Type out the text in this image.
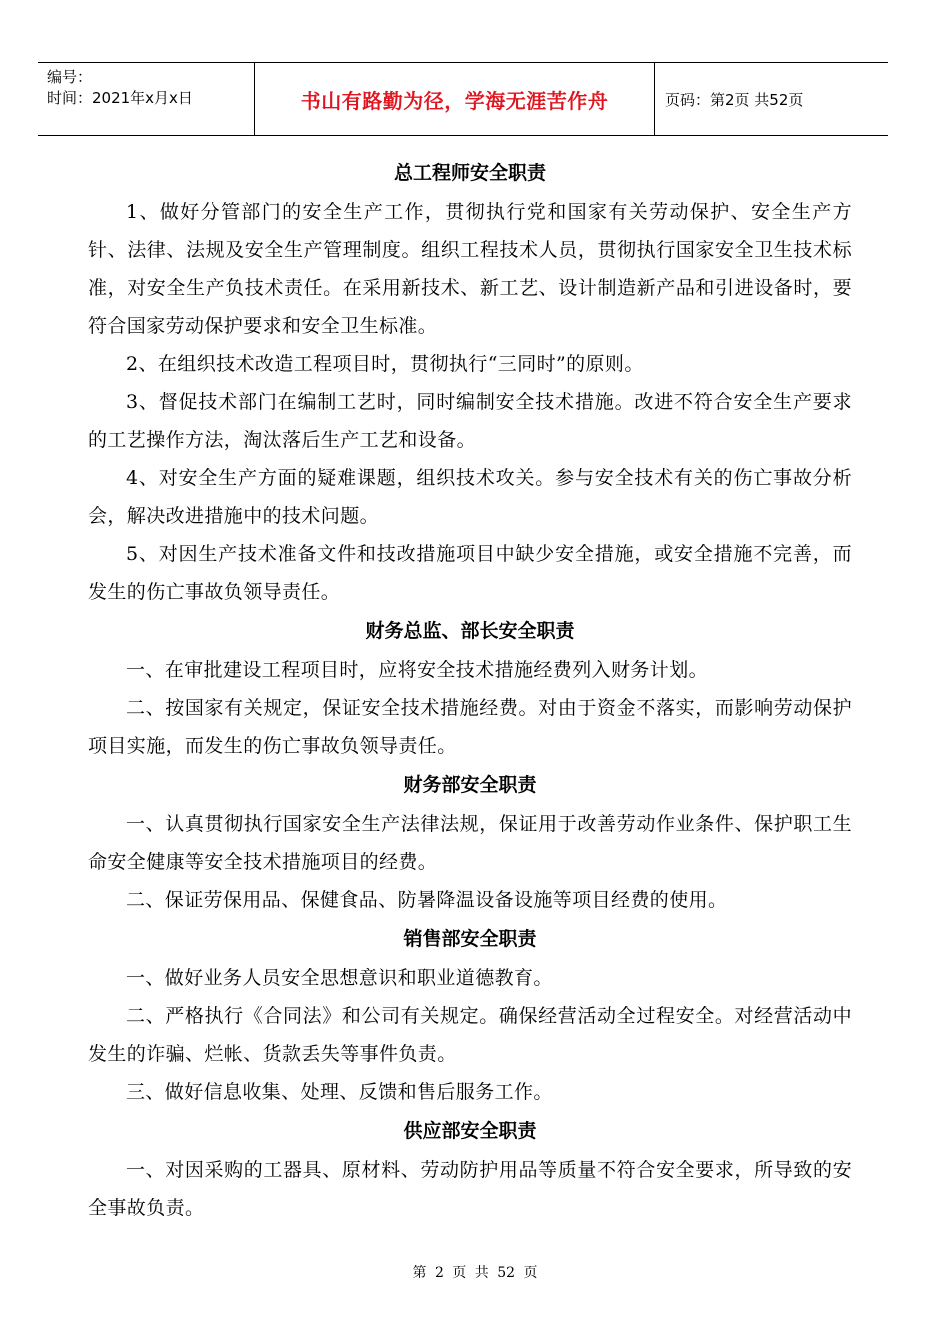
编号：
时间：2021年x月x日	书山有路勤为径，学海无涯苦作舟	页码：第2页 共52页
总工程师安全职责

1、做好分管部门的安全生产工作，贯彻执行党和国家有关劳动保护、安全生产方针、法律、法规及安全生产管理制度。组织工程技术人员，贯彻执行国家安全卫生技术标准，对安全生产负技术责任。在采用新技术、新工艺、设计制造新产品和引进设备时，要符合国家劳动保护要求和安全卫生标准。

2、在组织技术改造工程项目时，贯彻执行“三同时”的原则。

3、督促技术部门在编制工艺时，同时编制安全技术措施。改进不符合安全生产要求的工艺操作方法，淘汰落后生产工艺和设备。

4、对安全生产方面的疑难课题，组织技术攻关。参与安全技术有关的伤亡事故分析会，解决改进措施中的技术问题。

5、对因生产技术准备文件和技改措施项目中缺少安全措施，或安全措施不完善，而发生的伤亡事故负领导责任。

财务总监、部长安全职责

一、在审批建设工程项目时，应将安全技术措施经费列入财务计划。

二、按国家有关规定，保证安全技术措施经费。对由于资金不落实，而影响劳动保护项目实施，而发生的伤亡事故负领导责任。

财务部安全职责

一、认真贯彻执行国家安全生产法律法规，保证用于改善劳动作业条件、保护职工生命安全健康等安全技术措施项目的经费。

二、保证劳保用品、保健食品、防暑降温设备设施等项目经费的使用。

销售部安全职责

一、做好业务人员安全思想意识和职业道德教育。

二、严格执行《合同法》和公司有关规定。确保经营活动全过程安全。对经营活动中发生的诈骗、烂帐、货款丢失等事件负责。

三、做好信息收集、处理、反馈和售后服务工作。

供应部安全职责

一、对因采购的工器具、原材料、劳动防护用品等质量不符合安全要求，所导致的安全事故负责。

第 2 页 共 52 页
